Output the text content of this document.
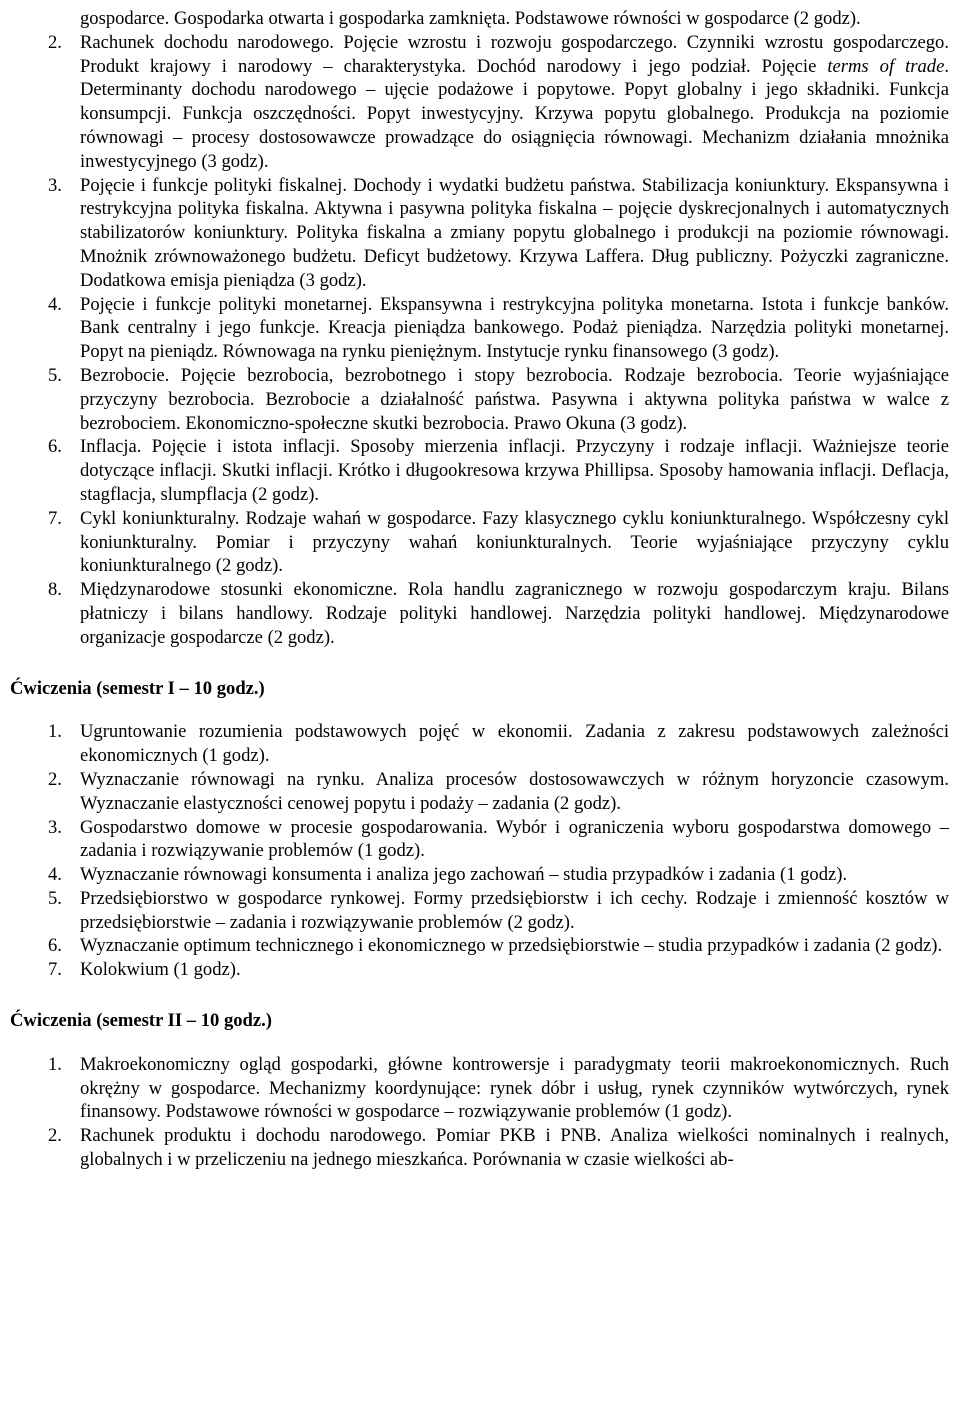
gospodarce. Gospodarka otwarta i gospodarka zamknięta. Podstawowe równości w gospodarce (2 godz).
2. Rachunek dochodu narodowego. Pojęcie wzrostu i rozwoju gospodarczego. Czynniki wzrostu gospodarczego. Produkt krajowy i narodowy – charakterystyka. Dochód narodowy i jego podział. Pojęcie terms of trade. Determinanty dochodu narodowego – ujęcie podażowe i popytowe. Popyt globalny i jego składniki. Funkcja konsumpcji. Funkcja oszczędności. Popyt inwestycyjny. Krzywa popytu globalnego. Produkcja na poziomie równowagi – procesy dostosowawcze prowadzące do osiągnięcia równowagi. Mechanizm działania mnożnika inwestycyjnego (3 godz).
3. Pojęcie i funkcje polityki fiskalnej. Dochody i wydatki budżetu państwa. Stabilizacja koniunktury. Ekspansywna i restrykcyjna polityka fiskalna. Aktywna i pasywna polityka fiskalna – pojęcie dyskrecjonalnych i automatycznych stabilizatorów koniunktury. Polityka fiskalna a zmiany popytu globalnego i produkcji na poziomie równowagi. Mnożnik zrównoważonego budżetu. Deficyt budżetowy. Krzywa Laffera. Dług publiczny. Pożyczki zagraniczne. Dodatkowa emisja pieniądza (3 godz).
4. Pojęcie i funkcje polityki monetarnej. Ekspansywna i restrykcyjna polityka monetarna. Istota i funkcje banków. Bank centralny i jego funkcje. Kreacja pieniądza bankowego. Podaż pieniądza. Narzędzia polityki monetarnej. Popyt na pieniądz. Równowaga na rynku pieniężnym. Instytucje rynku finansowego (3 godz).
5. Bezrobocie. Pojęcie bezrobocia, bezrobotnego i stopy bezrobocia. Rodzaje bezrobocia. Teorie wyjaśniające przyczyny bezrobocia. Bezrobocie a działalność państwa. Pasywna i aktywna polityka państwa w walce z bezrobociem. Ekonomiczno-społeczne skutki bezrobocia. Prawo Okuna (3 godz).
6. Inflacja. Pojęcie i istota inflacji. Sposoby mierzenia inflacji. Przyczyny i rodzaje inflacji. Ważniejsze teorie dotyczące inflacji. Skutki inflacji. Krótko i długookresowa krzywa Phillipsa. Sposoby hamowania inflacji. Deflacja, stagflacja, slumpflacja (2 godz).
7. Cykl koniunkturalny. Rodzaje wahań w gospodarce. Fazy klasycznego cyklu koniunkturalnego. Współczesny cykl koniunkturalny. Pomiar i przyczyny wahań koniunkturalnych. Teorie wyjaśniające przyczyny cyklu koniunkturalnego (2 godz).
8. Międzynarodowe stosunki ekonomiczne. Rola handlu zagranicznego w rozwoju gospodarczym kraju. Bilans płatniczy i bilans handlowy. Rodzaje polityki handlowej. Narzędzia polityki handlowej. Międzynarodowe organizacje gospodarcze (2 godz).
Ćwiczenia (semestr I – 10 godz.)
1. Ugruntowanie rozumienia podstawowych pojęć w ekonomii. Zadania z zakresu podstawowych zależności ekonomicznych (1 godz).
2. Wyznaczanie równowagi na rynku. Analiza procesów dostosowawczych w różnym horyzoncie czasowym. Wyznaczanie elastyczności cenowej popytu i podaży – zadania (2 godz).
3. Gospodarstwo domowe w procesie gospodarowania. Wybór i ograniczenia wyboru gospodarstwa domowego – zadania i rozwiązywanie problemów (1 godz).
4. Wyznaczanie równowagi konsumenta i analiza jego zachowań – studia przypadków i zadania (1 godz).
5. Przedsiębiorstwo w gospodarce rynkowej. Formy przedsiębiorstw i ich cechy. Rodzaje i zmienność kosztów w przedsiębiorstwie – zadania i rozwiązywanie problemów (2 godz).
6. Wyznaczanie optimum technicznego i ekonomicznego w przedsiębiorstwie – studia przypadków i zadania (2 godz).
7. Kolokwium (1 godz).
Ćwiczenia (semestr II – 10 godz.)
1. Makroekonomiczny ogląd gospodarki, główne kontrowersje i paradygmaty teorii makroekonomicznych. Ruch okrężny w gospodarce. Mechanizmy koordynujące: rynek dóbr i usług, rynek czynników wytwórczych, rynek finansowy. Podstawowe równości w gospodarce – rozwiązywanie problemów (1 godz).
2. Rachunek produktu i dochodu narodowego. Pomiar PKB i PNB. Analiza wielkości nominalnych i realnych, globalnych i w przeliczeniu na jednego mieszkańca. Porównania w czasie wielkości ab-
